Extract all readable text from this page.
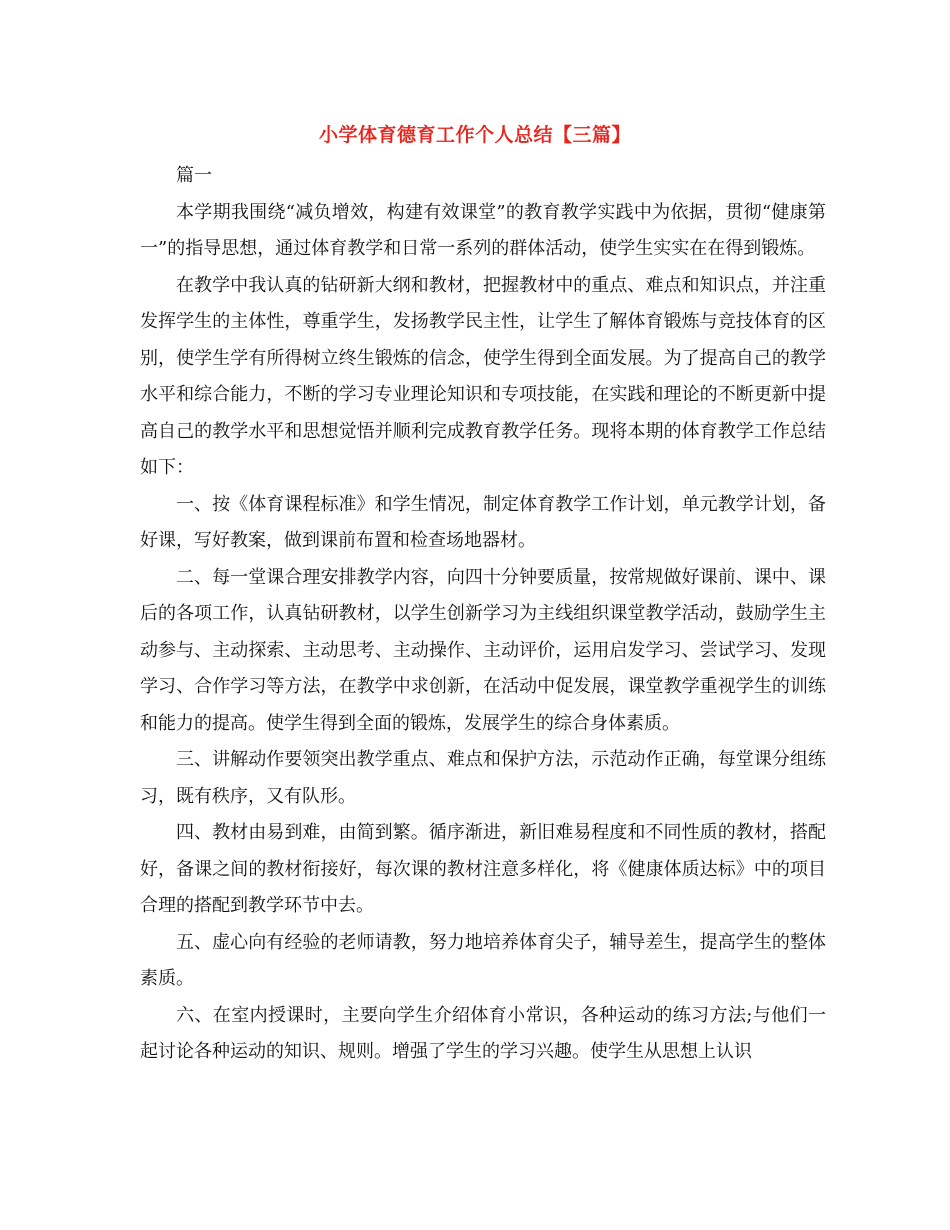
小学体育德育工作个人总结【三篇】

篇一

本学期我围绕“减负增效，构建有效课堂”的教育教学实践中为依据，贯彻“健康第一”的指导思想，通过体育教学和日常一系列的群体活动，使学生实实在在得到锻炼。

在教学中我认真的钻研新大纲和教材，把握教材中的重点、难点和知识点，并注重发挥学生的主体性，尊重学生，发扬教学民主性，让学生了解体育锻炼与竞技体育的区别，使学生学有所得树立终生锻炼的信念，使学生得到全面发展。为了提高自己的教学水平和综合能力，不断的学习专业理论知识和专项技能，在实践和理论的不断更新中提高自己的教学水平和思想觉悟并顺利完成教育教学任务。现将本期的体育教学工作总结如下：

一、按《体育课程标准》和学生情况，制定体育教学工作计划，单元教学计划，备好课，写好教案，做到课前布置和检查场地器材。

二、每一堂课合理安排教学内容，向四十分钟要质量，按常规做好课前、课中、课后的各项工作，认真钻研教材，以学生创新学习为主线组织课堂教学活动，鼓励学生主动参与、主动探索、主动思考、主动操作、主动评价，运用启发学习、尝试学习、发现学习、合作学习等方法，在教学中求创新，在活动中促发展，课堂教学重视学生的训练和能力的提高。使学生得到全面的锻炼，发展学生的综合身体素质。

三、讲解动作要领突出教学重点、难点和保护方法，示范动作正确，每堂课分组练习，既有秩序，又有队形。

四、教材由易到难，由简到繁。循序渐进，新旧难易程度和不同性质的教材，搭配好，备课之间的教材衔接好，每次课的教材注意多样化，将《健康体质达标》中的项目合理的搭配到教学环节中去。

五、虚心向有经验的老师请教，努力地培养体育尖子，辅导差生，提高学生的整体素质。

六、在室内授课时，主要向学生介绍体育小常识，各种运动的练习方法;与他们一起讨论各种运动的知识、规则。增强了学生的学习兴趣。使学生从思想上认识
